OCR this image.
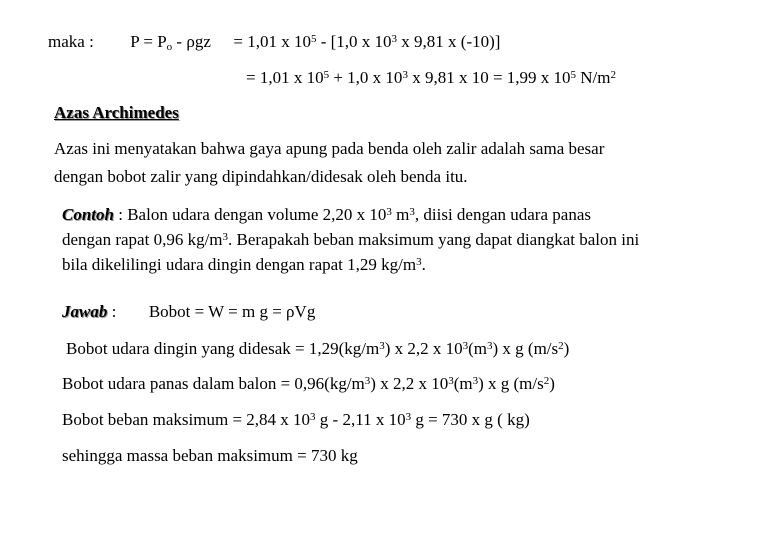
maka : $P = P_o - \rho gz = 1,01$ x $10^5 - [1,0$ x $10^3$ x 9,81 x (-10)]
= 1,01 x $10^5 + 1,0$ x $10^3$ x 9,81 x 10 = 1,99 x $10^5$ $N/m^2$
Azas Archimedes
Azas ini menyatakan bahwa gaya apung pada benda oleh zalir adalah sama besar
dengan bobot zalir yang dipindahkan/didesak oleh benda itu.
Contoh : Balon udara dengan volume 2,20 x $10^3$ $m^3$, diisi dengan udara panas
dengan rapat 0,96 $kg/m^3$. Berapakah beban maksimum yang dapat diangkat balon ini
bila dikelilingi udara dingin dengan rapat 1,29 $kg/m^3$.
Jawab : Bobot = W = m g = ρVg
Bobot udara dingin yang didesak = $1,29(kg/m^3)$ x 2,2 x $10^3(m^3)$ x g $(m/s^2)$
Bobot udara panas dalam balon = $0,96(kg/m^3)$ x 2,2 x $10^3(m^3)$ x g $(m/s^2)$
Bobot beban maksimum = 2,84 x $10^3$ g - 2,11 x $10^3$ g = 730 x g ( kg)
sehingga massa beban maksimum = 730 kg
